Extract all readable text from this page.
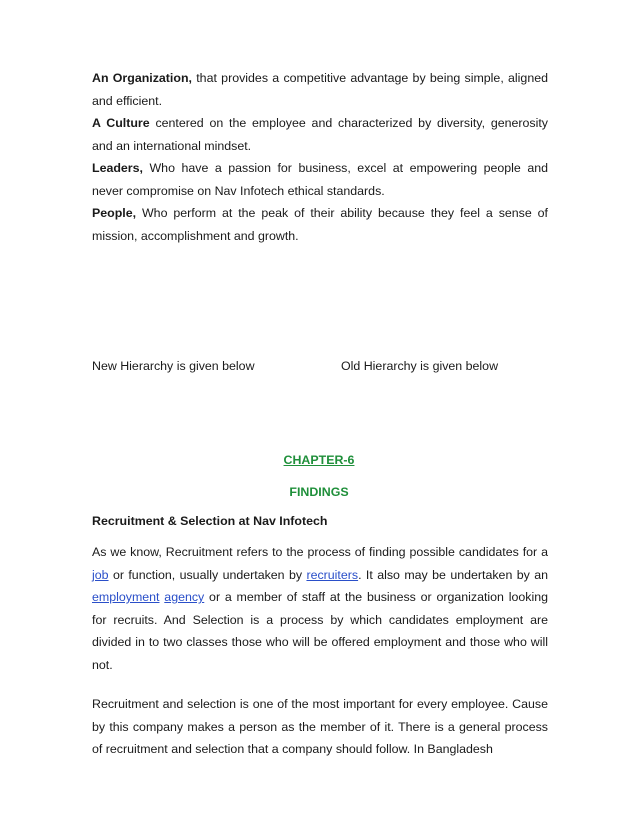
An Organization, that provides a competitive advantage by being simple, aligned and efficient.
A Culture centered on the employee and characterized by diversity, generosity and an international mindset.
Leaders, Who have a passion for business, excel at empowering people and never compromise on Nav Infotech ethical standards.
People, Who perform at the peak of their ability because they feel a sense of mission, accomplishment and growth.

New Hierarchy is given below	Old Hierarchy is given below
CHAPTER-6
FINDINGS
Recruitment & Selection at Nav Infotech

As we know, Recruitment refers to the process of finding possible candidates for a job or function, usually undertaken by recruiters. It also may be undertaken by an employment agency or a member of staff at the business or organization looking for recruits. And Selection is a process by which candidates employment are divided in to two classes those who will be offered employment and those who will not.

Recruitment and selection is one of the most important for every employee. Cause by this company makes a person as the member of it. There is a general process of recruitment and selection that a company should follow. In Bangladesh
